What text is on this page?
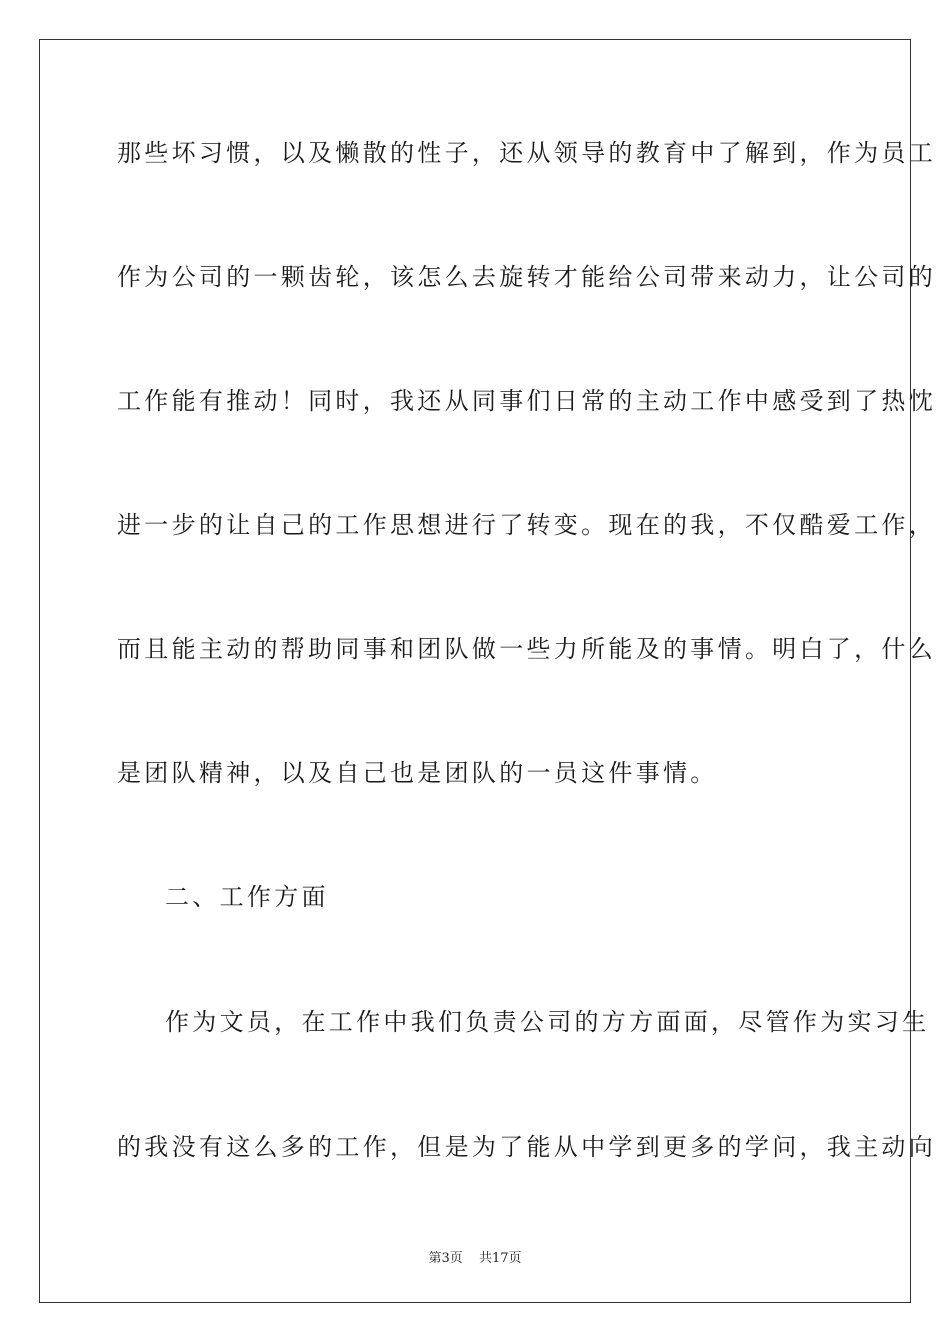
那些坏习惯，以及懒散的性子，还从领导的教育中了解到，作为员工
作为公司的一颗齿轮，该怎么去旋转才能给公司带来动力，让公司的
工作能有推动！同时，我还从同事们日常的主动工作中感受到了热忱
进一步的让自己的工作思想进行了转变。现在的我，不仅酷爱工作，
而且能主动的帮助同事和团队做一些力所能及的事情。明白了，什么
是团队精神，以及自己也是团队的一员这件事情。
二、工作方面
作为文员，在工作中我们负责公司的方方面面，尽管作为实习生
的我没有这么多的工作，但是为了能从中学到更多的学问，我主动向
第3页 共17页
